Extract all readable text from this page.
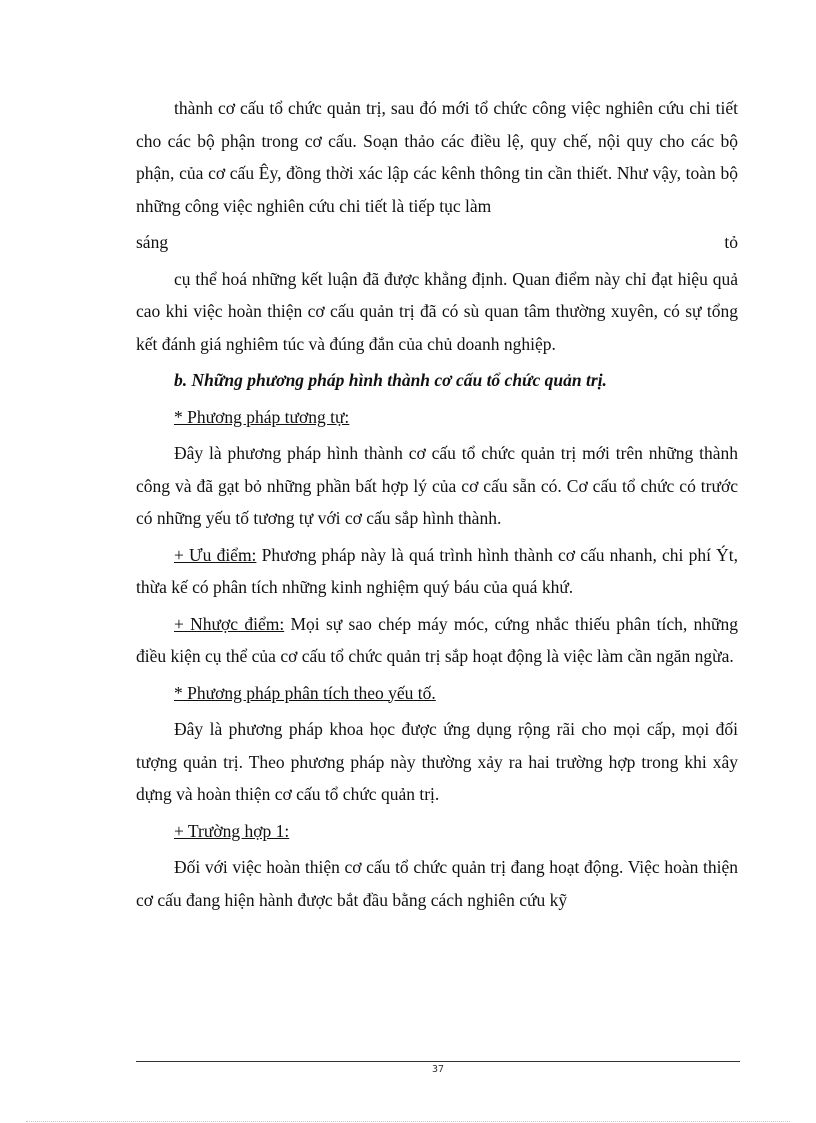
thành cơ cấu tổ chức quản trị, sau đó mới tổ chức công việc nghiên cứu chi tiết cho các bộ phận trong cơ cấu. Soạn thảo các điều lệ, quy chế, nội quy cho các bộ phận, của cơ cấu Êy, đồng thời xác lập các kênh thông tin cần thiết. Như vậy, toàn bộ những công việc nghiên cứu chi tiết là tiếp tục làm

sáng	tỏ

cụ thể hoá những kết luận đã được khẳng định. Quan điểm này chỉ đạt hiệu quả cao khi việc hoàn thiện cơ cấu quản trị đã có sù quan tâm thường xuyên, có sự tổng kết đánh giá nghiêm túc và đúng đắn của chủ doanh nghiệp.

b. Những phương pháp hình thành cơ cấu tổ chức quản trị.

* Phương pháp tương tự:

Đây là phương pháp hình thành cơ cấu tổ chức quản trị mới trên những thành công và đã gạt bỏ những phần bất hợp lý của cơ cấu sẵn có. Cơ cấu tổ chức có trước có những yếu tố tương tự với cơ cấu sắp hình thành.

+ Ưu điểm: Phương pháp này là quá trình hình thành cơ cấu nhanh, chi phí Ýt, thừa kế có phân tích những kinh nghiệm quý báu của quá khứ.

+ Nhược điểm: Mọi sự sao chép máy móc, cứng nhắc thiếu phân tích, những điều kiện cụ thể của cơ cấu tổ chức quản trị sắp hoạt động là việc làm cần ngăn ngừa.

* Phương pháp phân tích theo yếu tố.

Đây là phương pháp khoa học được ứng dụng rộng rãi cho mọi cấp, mọi đối tượng quản trị. Theo phương pháp này thường xảy ra hai trường hợp trong khi xây dựng và hoàn thiện cơ cấu tổ chức quản trị.

+ Trường hợp 1:

Đối với việc hoàn thiện cơ cấu tổ chức quản trị đang hoạt động. Việc hoàn thiện cơ cấu đang hiện hành được bắt đầu bằng cách nghiên cứu kỹ

37
